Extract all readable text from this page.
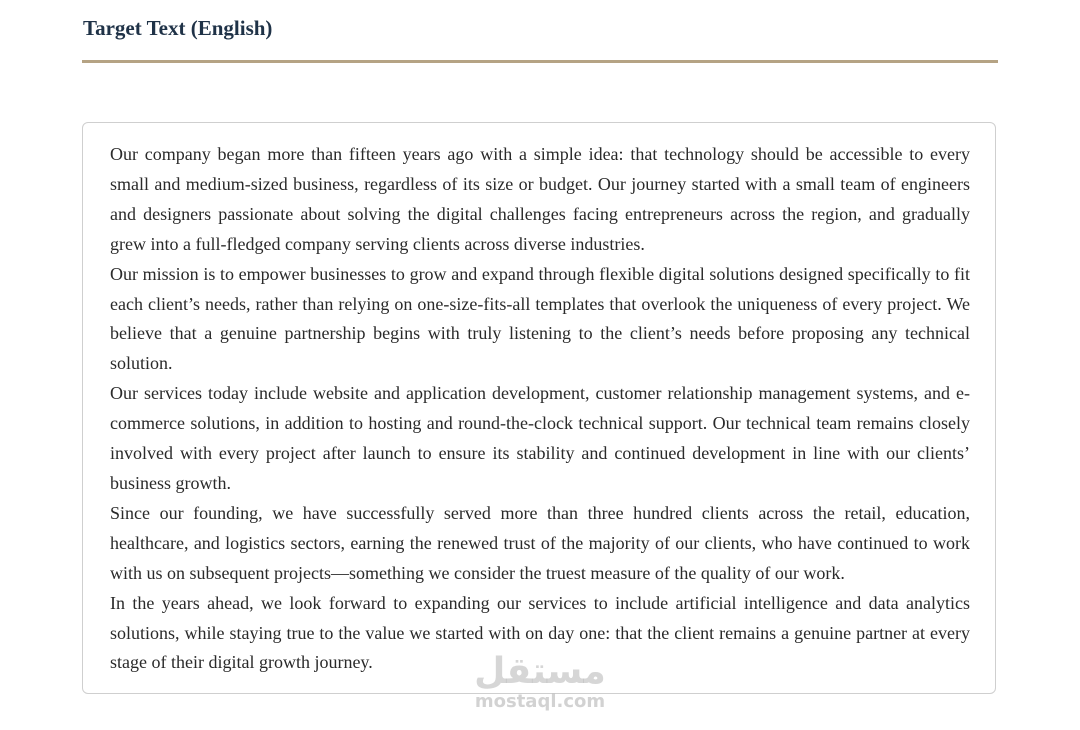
Target Text (English)

Our company began more than fifteen years ago with a simple idea: that technology should be accessible to every small and medium-sized business, regardless of its size or budget. Our journey started with a small team of engineers and designers passionate about solving the digital challenges facing entrepreneurs across the region, and gradually grew into a full-fledged company serving clients across diverse industries.

Our mission is to empower businesses to grow and expand through flexible digital solutions designed specifically to fit each client’s needs, rather than relying on one-size-fits-all templates that overlook the uniqueness of every project. We believe that a genuine partnership begins with truly listening to the client’s needs before proposing any technical solution.

Our services today include website and application development, customer relationship management systems, and e-commerce solutions, in addition to hosting and round-the-clock technical support. Our technical team remains closely involved with every project after launch to ensure its stability and continued development in line with our clients’ business growth.

Since our founding, we have successfully served more than three hundred clients across the retail, education, healthcare, and logistics sectors, earning the renewed trust of the majority of our clients, who have continued to work with us on subsequent projects—something we consider the truest measure of the quality of our work.

In the years ahead, we look forward to expanding our services to include artificial intelligence and data analytics solutions, while staying true to the value we started with on day one: that the client remains a genuine partner at every stage of their digital growth journey.	مستقل
mostaql.com
